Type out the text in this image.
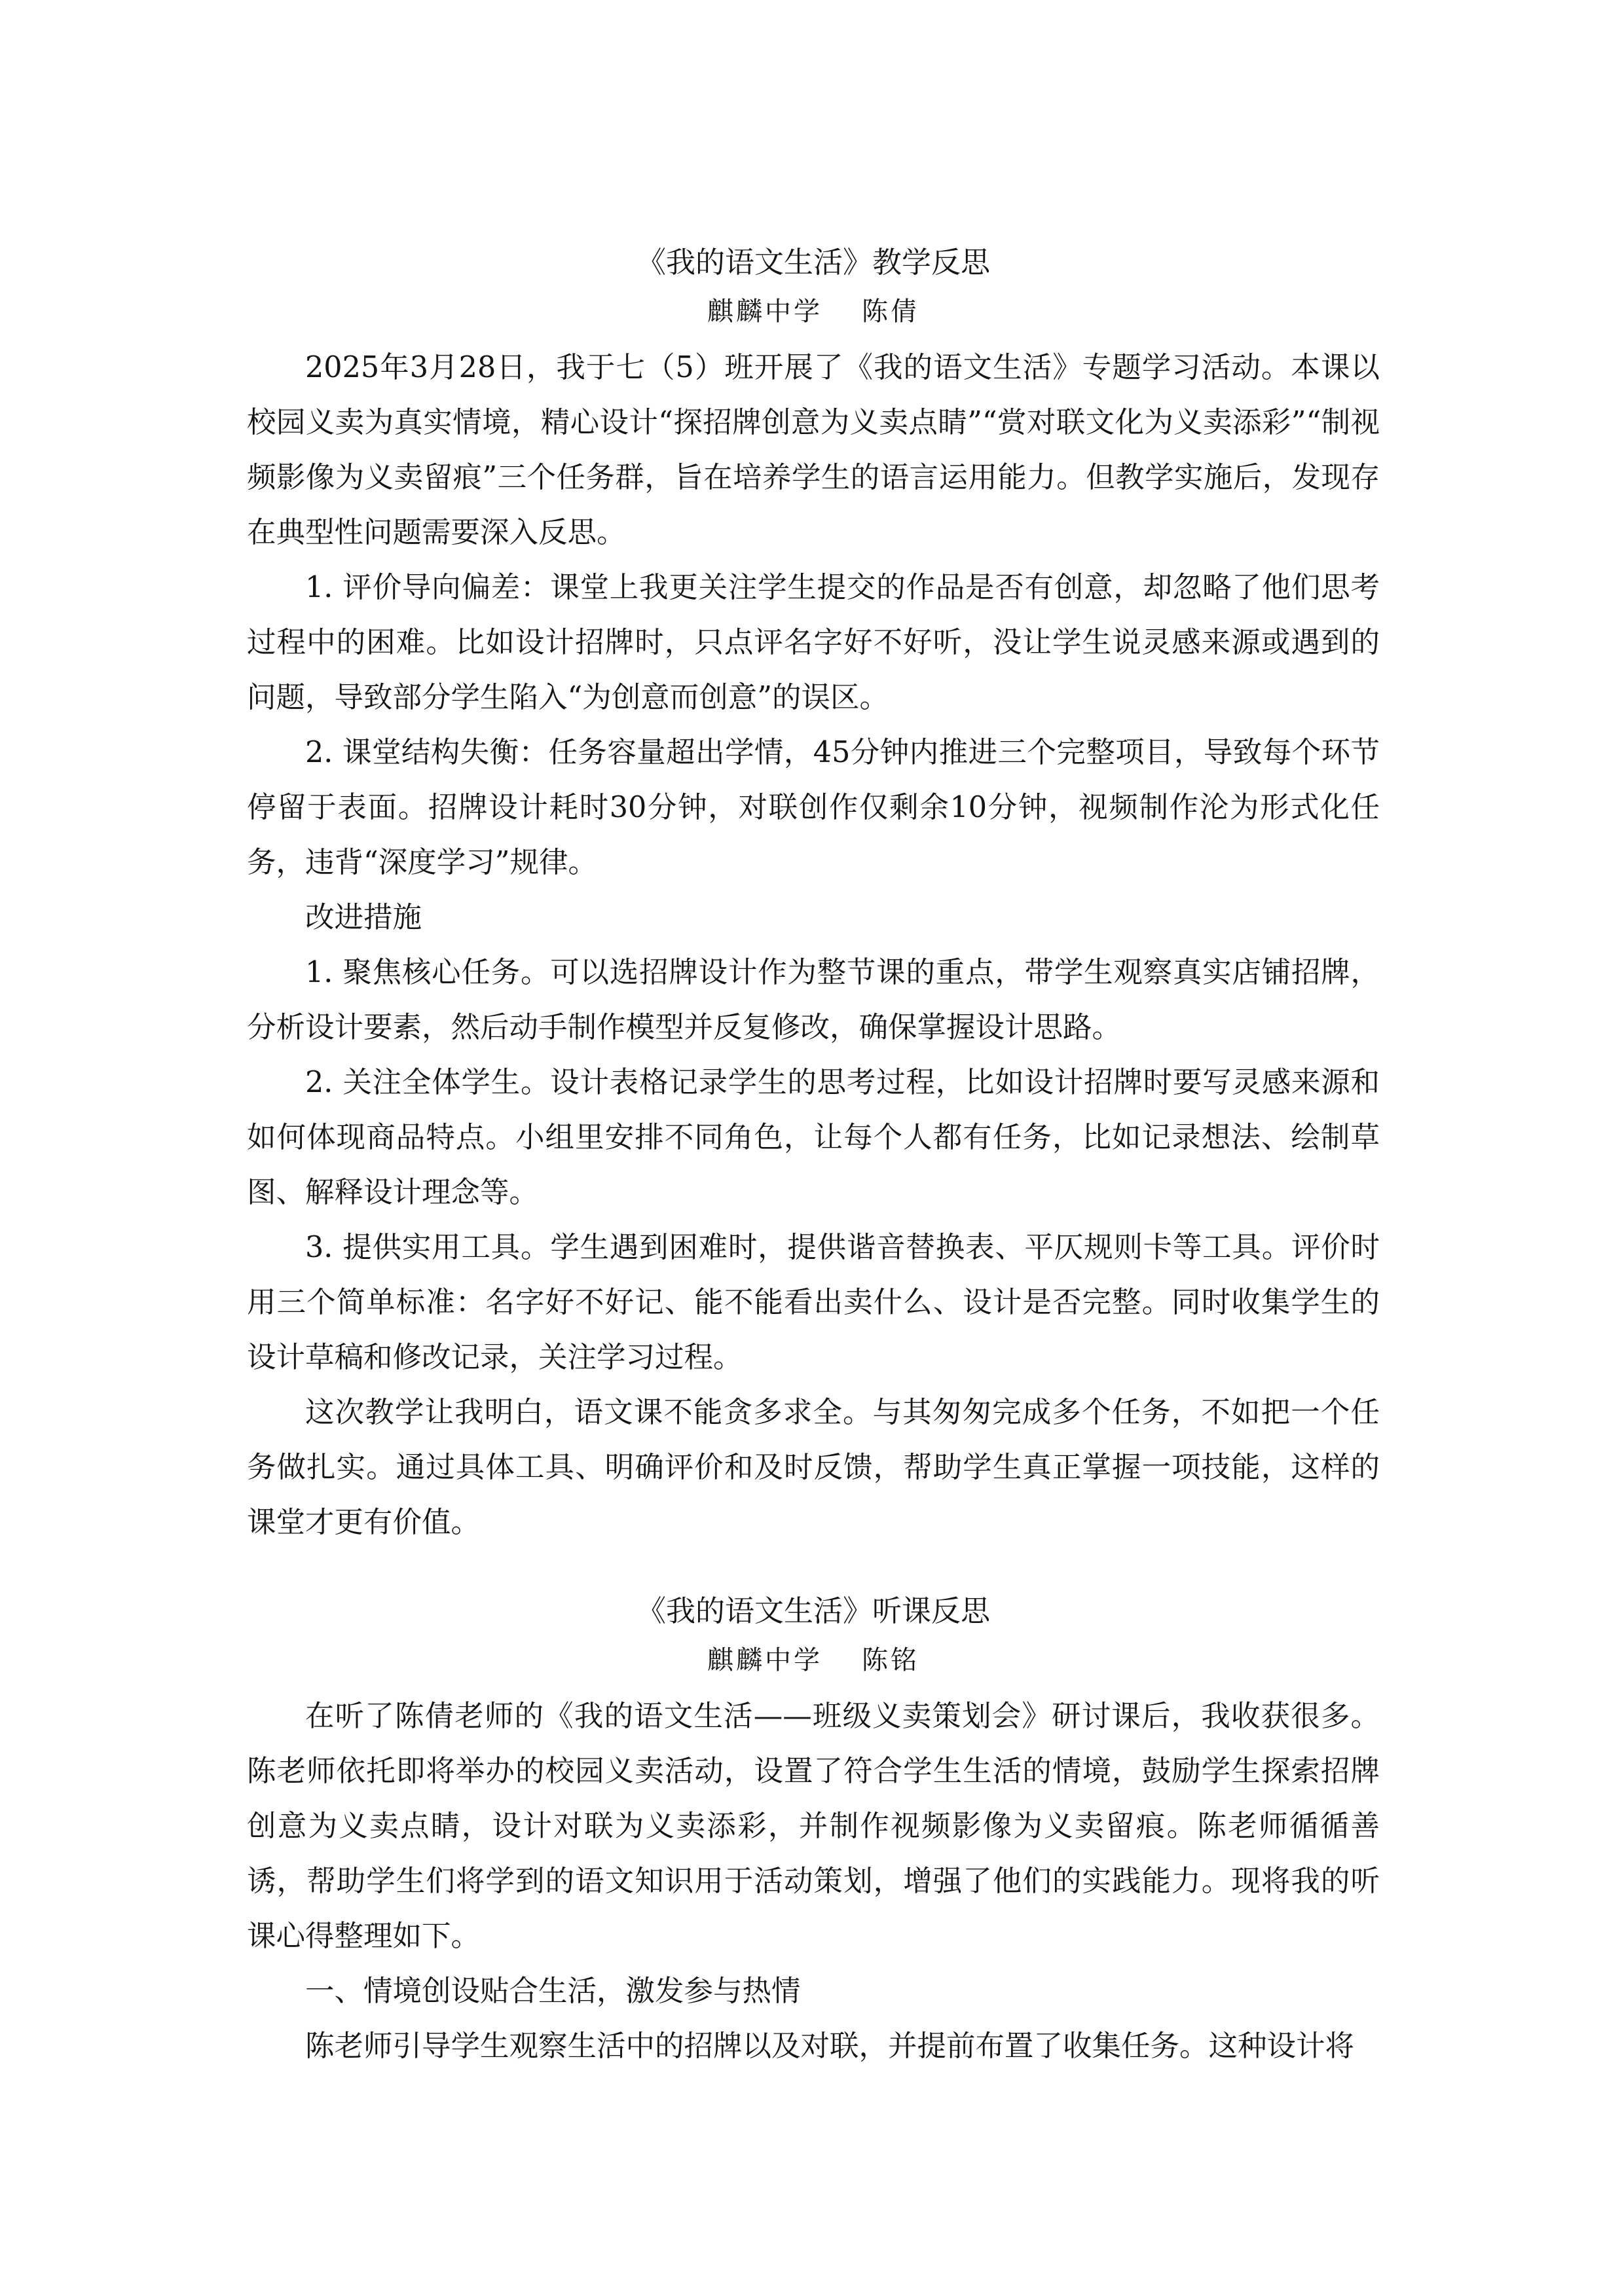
《我的语文生活》教学反思
麒麟中学 陈倩

2025年3月28日，我于七（5）班开展了《我的语文生活》专题学习活动。本课以校园义卖为真实情境，精心设计“探招牌创意为义卖点睛”“赏对联文化为义卖添彩”“制视频影像为义卖留痕”三个任务群，旨在培养学生的语言运用能力。但教学实施后，发现存在典型性问题需要深入反思。

1. 评价导向偏差：课堂上我更关注学生提交的作品是否有创意，却忽略了他们思考过程中的困难。比如设计招牌时，只点评名字好不好听，没让学生说灵感来源或遇到的问题，导致部分学生陷入“为创意而创意”的误区。

2. 课堂结构失衡：任务容量超出学情，45分钟内推进三个完整项目，导致每个环节停留于表面。招牌设计耗时30分钟，对联创作仅剩余10分钟，视频制作沦为形式化任务，违背“深度学习”规律。

改进措施

1. 聚焦核心任务。可以选招牌设计作为整节课的重点，带学生观察真实店铺招牌，分析设计要素，然后动手制作模型并反复修改，确保掌握设计思路。

2. 关注全体学生。设计表格记录学生的思考过程，比如设计招牌时要写灵感来源和如何体现商品特点。小组里安排不同角色，让每个人都有任务，比如记录想法、绘制草图、解释设计理念等。

3. 提供实用工具。学生遇到困难时，提供谐音替换表、平仄规则卡等工具。评价时用三个简单标准：名字好不好记、能不能看出卖什么、设计是否完整。同时收集学生的设计草稿和修改记录，关注学习过程。

这次教学让我明白，语文课不能贪多求全。与其匆匆完成多个任务，不如把一个任务做扎实。通过具体工具、明确评价和及时反馈，帮助学生真正掌握一项技能，这样的课堂才更有价值。

《我的语文生活》听课反思
麒麟中学 陈铭

在听了陈倩老师的《我的语文生活——班级义卖策划会》研讨课后，我收获很多。陈老师依托即将举办的校园义卖活动，设置了符合学生生活的情境，鼓励学生探索招牌创意为义卖点睛，设计对联为义卖添彩，并制作视频影像为义卖留痕。陈老师循循善诱，帮助学生们将学到的语文知识用于活动策划，增强了他们的实践能力。现将我的听课心得整理如下。

一、情境创设贴合生活，激发参与热情

陈老师引导学生观察生活中的招牌以及对联，并提前布置了收集任务。这种设计将
